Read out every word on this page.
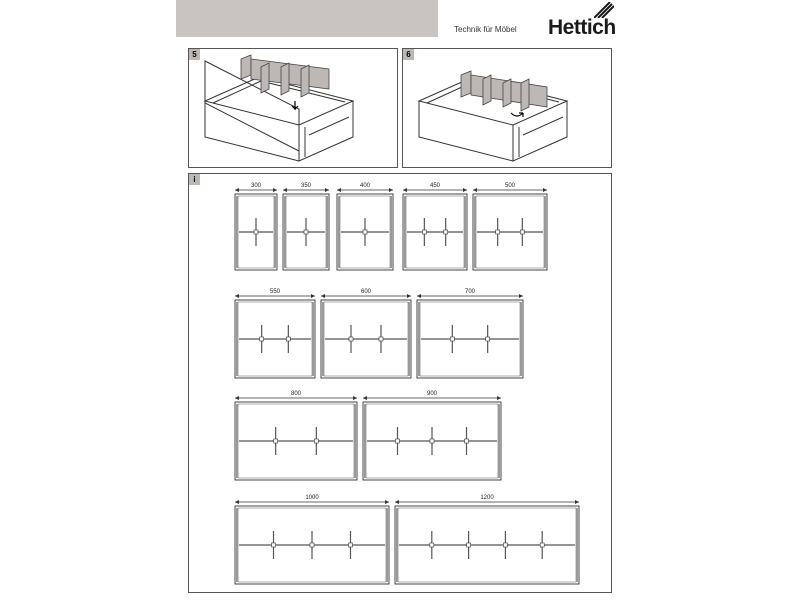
Technik für Möbel Hettich
5	6
i
300	350	400	450	500
550	600	700
800	900
1000	1200
